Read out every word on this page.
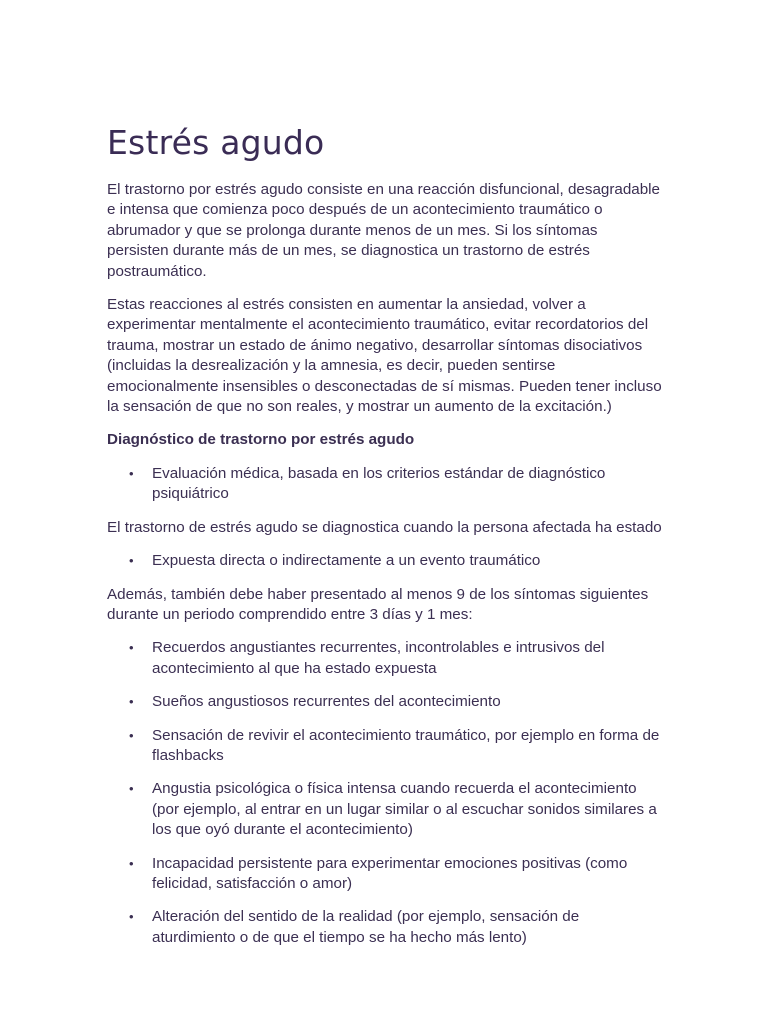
Estrés agudo

El trastorno por estrés agudo consiste en una reacción disfuncional, desagradable e intensa que comienza poco después de un acontecimiento traumático o abrumador y que se prolonga durante menos de un mes. Si los síntomas persisten durante más de un mes, se diagnostica un trastorno de estrés postraumático.

Estas reacciones al estrés consisten en aumentar la ansiedad, volver a experimentar mentalmente el acontecimiento traumático, evitar recordatorios del trauma, mostrar un estado de ánimo negativo, desarrollar síntomas disociativos (incluidas la desrealización y la amnesia, es decir, pueden sentirse emocionalmente insensibles o desconectadas de sí mismas. Pueden tener incluso la sensación de que no son reales, y mostrar un aumento de la excitación.)

Diagnóstico de trastorno por estrés agudo

• Evaluación médica, basada en los criterios estándar de diagnóstico psiquiátrico

El trastorno de estrés agudo se diagnostica cuando la persona afectada ha estado

• Expuesta directa o indirectamente a un evento traumático

Además, también debe haber presentado al menos 9 de los síntomas siguientes durante un periodo comprendido entre 3 días y 1 mes:

• Recuerdos angustiantes recurrentes, incontrolables e intrusivos del acontecimiento al que ha estado expuesta
• Sueños angustiosos recurrentes del acontecimiento
• Sensación de revivir el acontecimiento traumático, por ejemplo en forma de flashbacks
• Angustia psicológica o física intensa cuando recuerda el acontecimiento (por ejemplo, al entrar en un lugar similar o al escuchar sonidos similares a los que oyó durante el acontecimiento)
• Incapacidad persistente para experimentar emociones positivas (como felicidad, satisfacción o amor)
• Alteración del sentido de la realidad (por ejemplo, sensación de aturdimiento o de que el tiempo se ha hecho más lento)
